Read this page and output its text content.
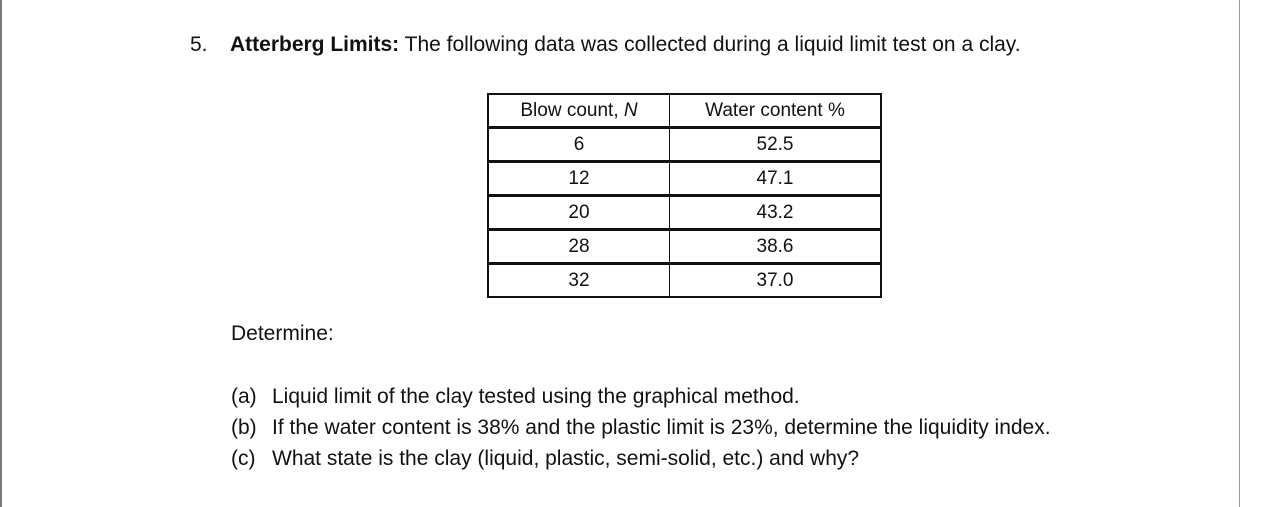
5. Atterberg Limits: The following data was collected during a liquid limit test on a clay.
Blow count, N	Water content %
6	52.5
12	47.1
20	43.2
28	38.6
32	37.0
Determine:
(a) Liquid limit of the clay tested using the graphical method.
(b) If the water content is 38% and the plastic limit is 23%, determine the liquidity index.
(c) What state is the clay (liquid, plastic, semi-solid, etc.) and why?
